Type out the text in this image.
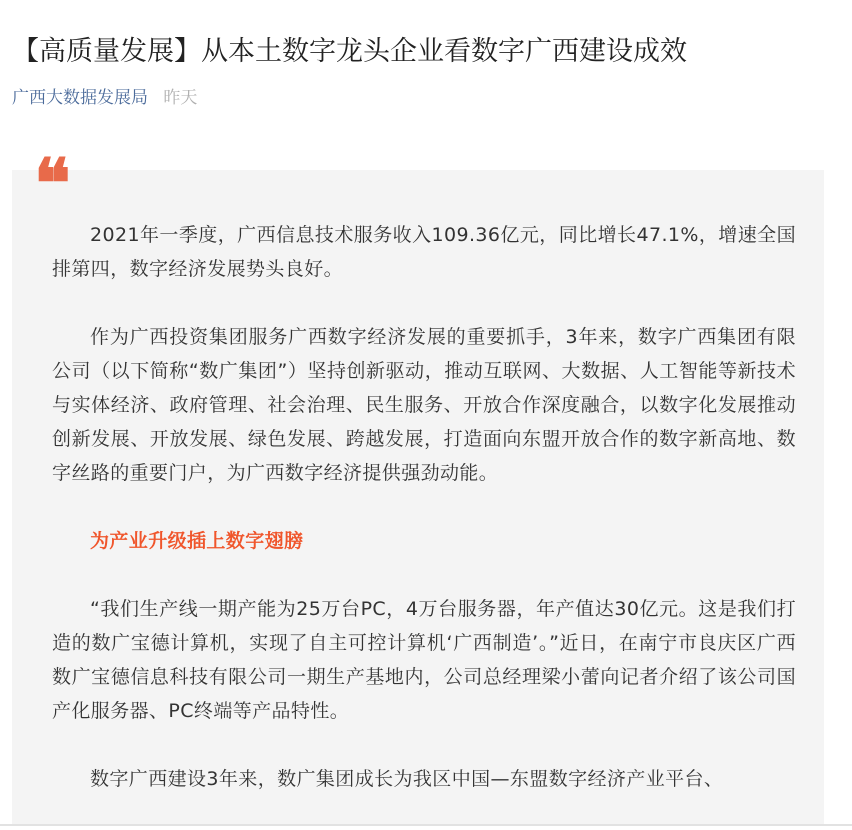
【高质量发展】从本土数字龙头企业看数字广西建设成效
广西大数据发展局 昨天
❝

2021年一季度，广西信息技术服务收入109.36亿元，同比增长47.1%，增速全国排第四，数字经济发展势头良好。

作为广西投资集团服务广西数字经济发展的重要抓手，3年来，数字广西集团有限公司（以下简称“数广集团”）坚持创新驱动，推动互联网、大数据、人工智能等新技术与实体经济、政府管理、社会治理、民生服务、开放合作深度融合，以数字化发展推动创新发展、开放发展、绿色发展、跨越发展，打造面向东盟开放合作的数字新高地、数字丝路的重要门户，为广西数字经济提供强劲动能。

为产业升级插上数字翅膀

“我们生产线一期产能为25万台PC，4万台服务器，年产值达30亿元。这是我们打造的数广宝德计算机，实现了自主可控计算机‘广西制造’。”近日，在南宁市良庆区广西数广宝德信息科技有限公司一期生产基地内，公司总经理梁小蕾向记者介绍了该公司国产化服务器、PC终端等产品特性。

数字广西建设3年来，数广集团成长为我区中国—东盟数字经济产业平台、
